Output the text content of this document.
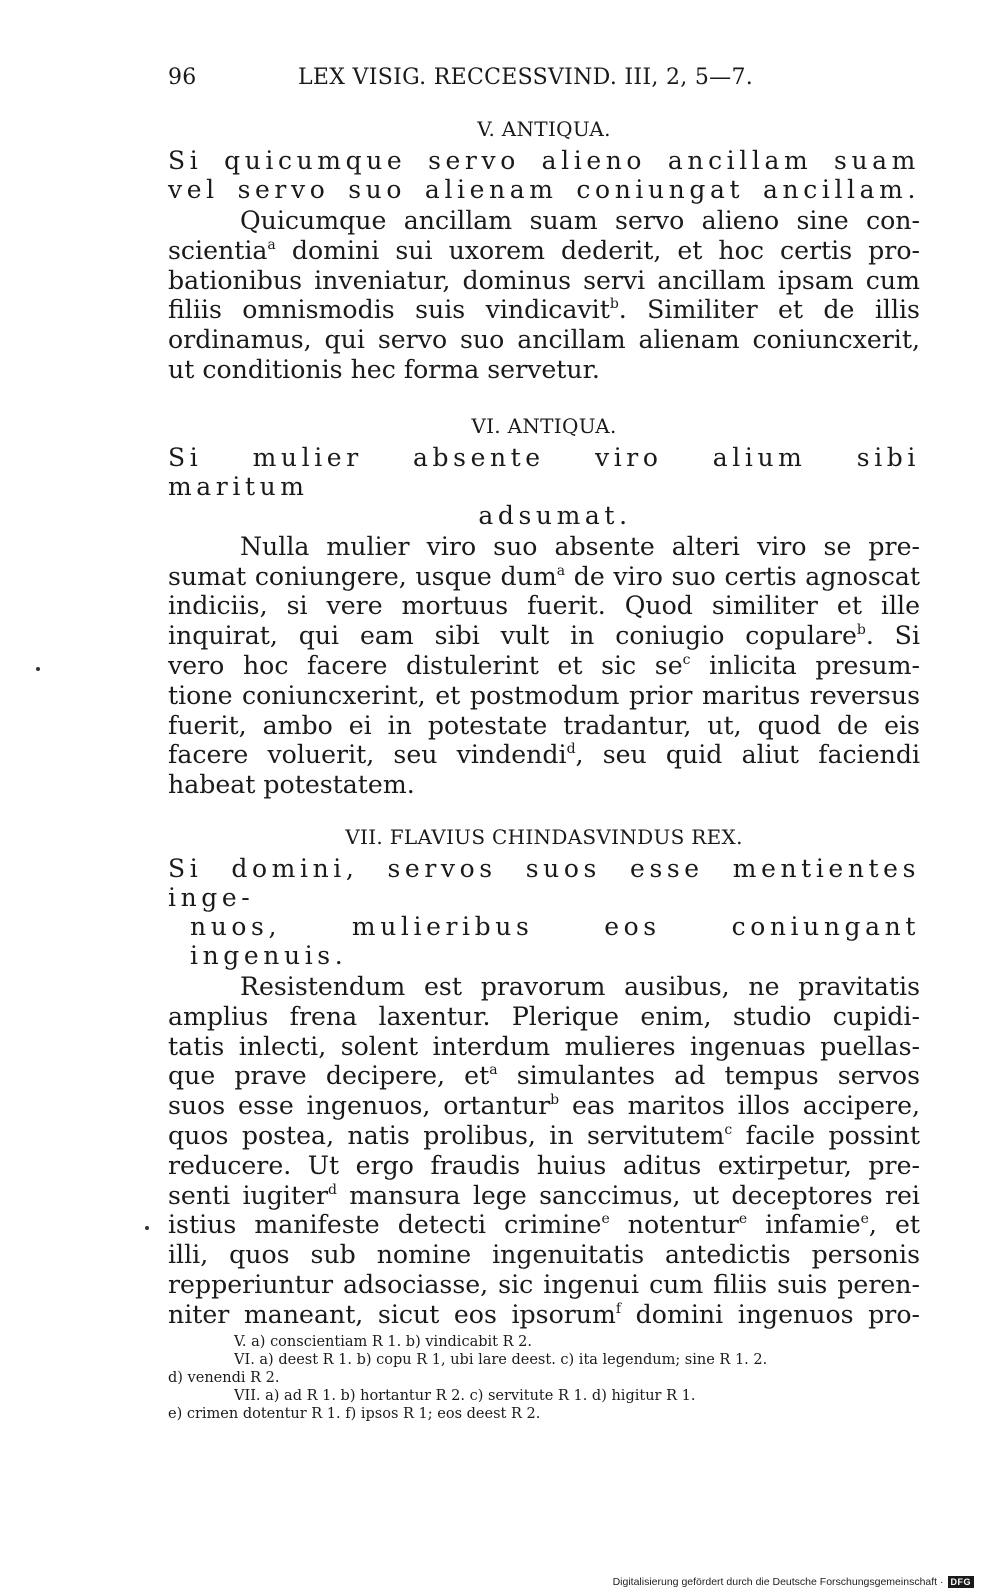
96	LEX VISIG. RECCESSVIND. III, 2, 5—7.
V. ANTIQUA.
Si quicumque servo alieno ancillam suam
vel servo suo alienam coniungat ancillam.
Quicumque ancillam suam servo alieno sine con-
scientia$^a$ domini sui uxorem dederit, et hoc certis pro-
bationibus inveniatur, dominus servi ancillam ipsam cum
filiis omnismodis suis vindicavit$^b$. Similiter et de illis
ordinamus, qui servo suo ancillam alienam coniuncxerit,
ut conditionis hec forma servetur.
VI. ANTIQUA.
Si mulier absente viro alium sibi maritum
adsumat.
Nulla mulier viro suo absente alteri viro se pre-
sumat coniungere, usque dum$^a$ de viro suo certis agnoscat
indiciis, si vere mortuus fuerit. Quod similiter et ille
inquirat, qui eam sibi vult in coniugio copulare$^b$. Si
vero hoc facere distulerint et sic $se^c$ inlicita presum-
tione coniuncxerint, et postmodum prior maritus reversus
fuerit, ambo ei in potestate tradantur, ut, quod de eis
facere voluerit, seu vindendi$^d$, seu quid aliut faciendi
habeat potestatem.
VII. FLAVIUS CHINDASVINDUS REX.
Si domini, servos suos esse mentientes inge-
nuos, mulieribus eos coniungant ingenuis.
Resistendum est pravorum ausibus, ne pravitatis
amplius frena laxentur. Plerique enim, studio cupidi-
tatis inlecti, solent interdum mulieres ingenuas puellas-
que prave decipere, $et^a$ simulantes ad tempus servos
suos esse ingenuos, ortantur$^b$ eas maritos illos accipere,
quos postea, natis prolibus, in servitutem$^c$ facile possint
reducere. Ut ergo fraudis huius aditus extirpetur, pre-
senti iugiter$^d$ mansura lege sanccimus, ut deceptores rei
istius manifeste detecti crimine$^e$ notentur$^e$ infamie$^e$, et
illi, quos sub nomine ingenuitatis antedictis personis
repperiuntur adsociasse, sic ingenui cum filiis suis peren-
niter maneant, sicut eos ipsorum$^f$ domini ingenuos pro-
V. a) conscientiam R 1. b) vindicabit R 2.
VI. a) deest R 1. b) copu R 1, ubi lare deest. c) ita legendum; sine R 1. 2.
d) venendi R 2.
VII. a) ad R 1. b) hortantur R 2. c) servitute R 1. d) higitur R 1.
e) crimen dotentur R 1. f) ipsos R 1; eos deest R 2.
Digitalisierung gefördert durch die Deutsche Forschungsgemeinschaft · DFG
